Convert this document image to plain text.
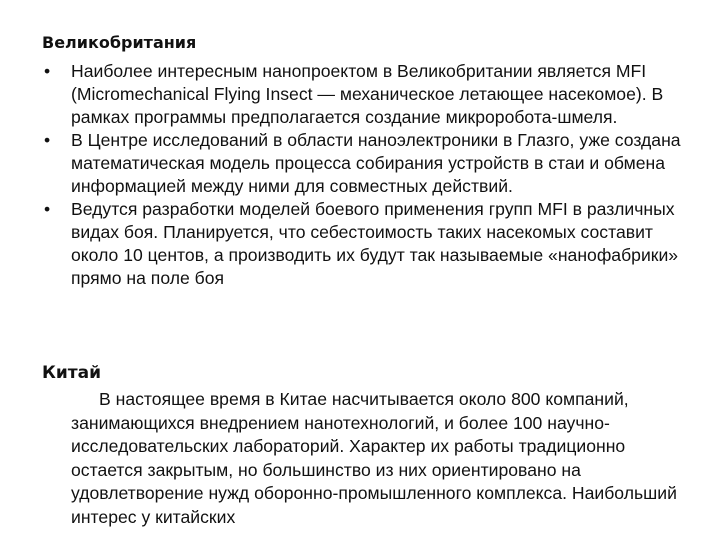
Великобритания
• Наиболее интересным нанопроектом в Великобритании является MFI (Micromechanical Flying Insect — механическое летающее насекомое). В рамках программы предполагается создание микроробота-шмеля.
• В Центре исследований в области наноэлектроники в Глазго, уже создана математическая модель процесса собирания устройств в стаи и обмена информацией между ними для совместных действий.
• Ведутся разработки моделей боевого применения групп MFI в различных видах боя. Планируется, что себестоимость таких насекомых составит около 10 центов, а производить их будут так называемые «нанофабрики» прямо на поле боя
Китай

В настоящее время в Китае насчитывается около 800 компаний, занимающихся внедрением нанотехнологий, и более 100 научно-исследовательских лабораторий. Характер их работы традиционно остается закрытым, но большинство из них ориентировано на удовлетворение нужд оборонно-промышленного комплекса. Наибольший интерес у китайских
